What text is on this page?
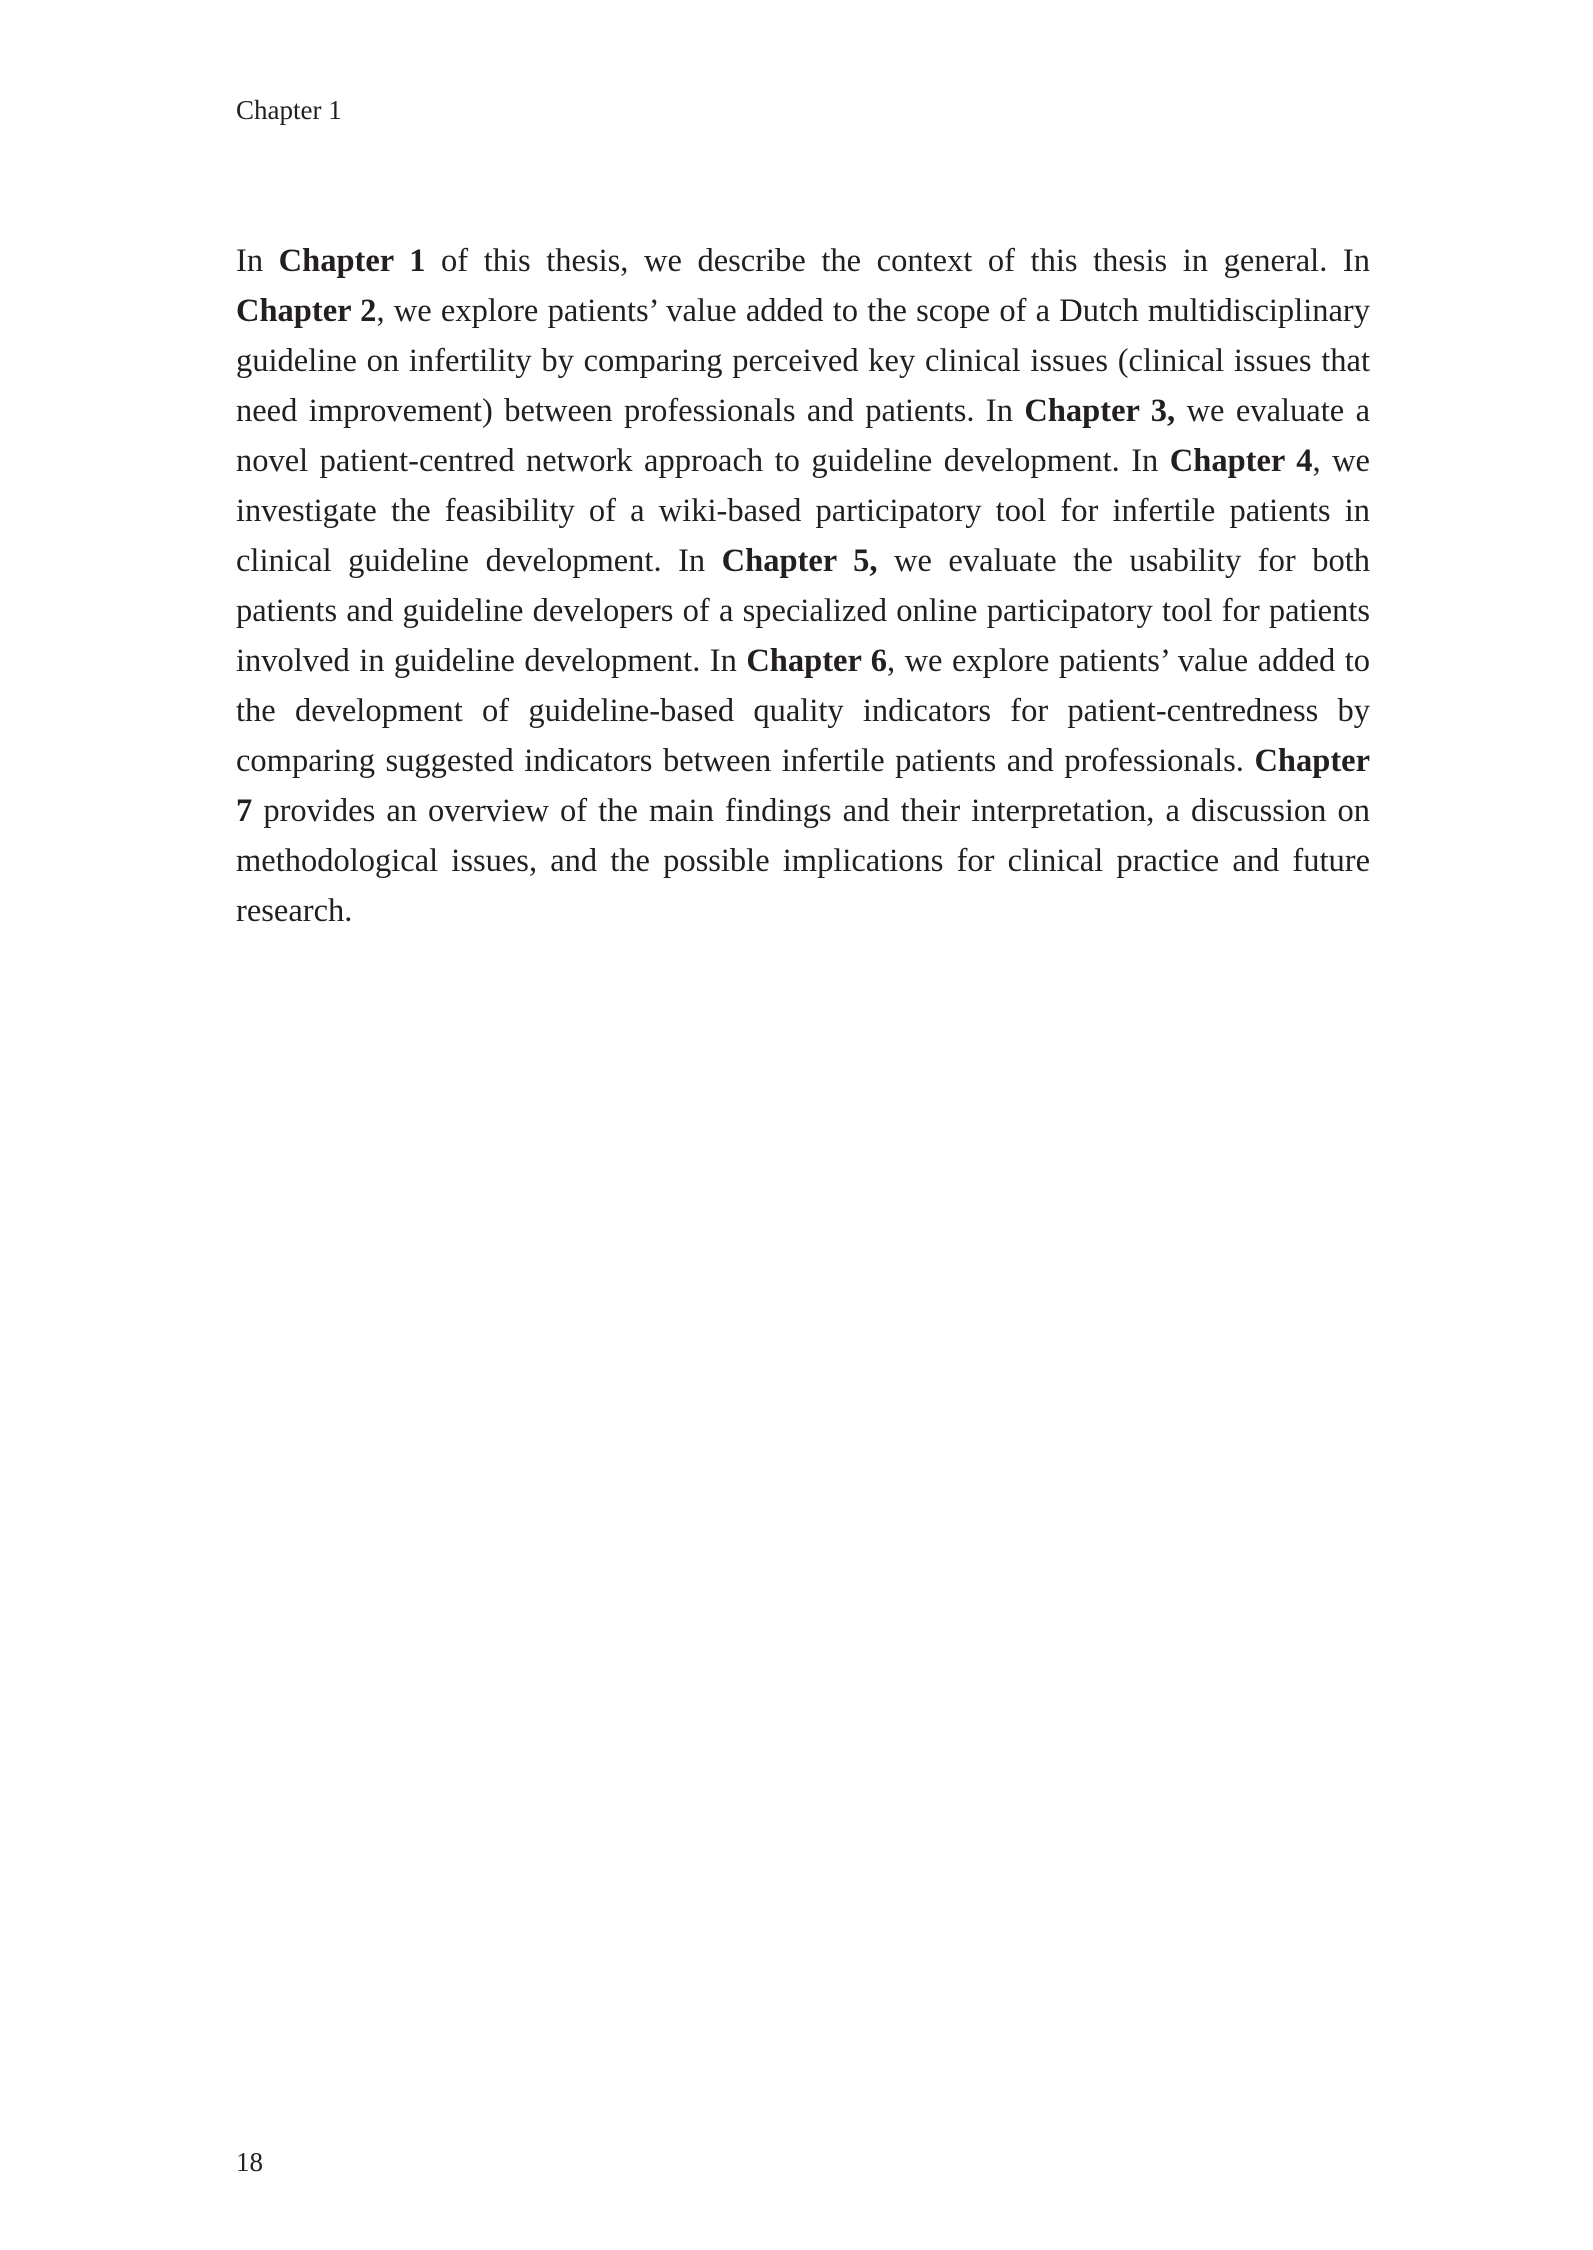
Chapter 1

In Chapter 1 of this thesis, we describe the context of this thesis in general. In Chapter 2, we explore patients’ value added to the scope of a Dutch multidisciplinary guideline on infertility by comparing perceived key clinical issues (clinical issues that need improvement) between professionals and patients. In Chapter 3, we evaluate a novel patient-centred network approach to guideline development. In Chapter 4, we investigate the feasibility of a wiki-based participatory tool for infertile patients in clinical guideline development. In Chapter 5, we evaluate the usability for both patients and guideline developers of a specialized online participatory tool for patients involved in guideline development. In Chapter 6, we explore patients’ value added to the development of guideline-based quality indicators for patient-centredness by comparing suggested indicators between infertile patients and professionals. Chapter 7 provides an overview of the main findings and their interpretation, a discussion on methodological issues, and the possible implications for clinical practice and future research.

18
